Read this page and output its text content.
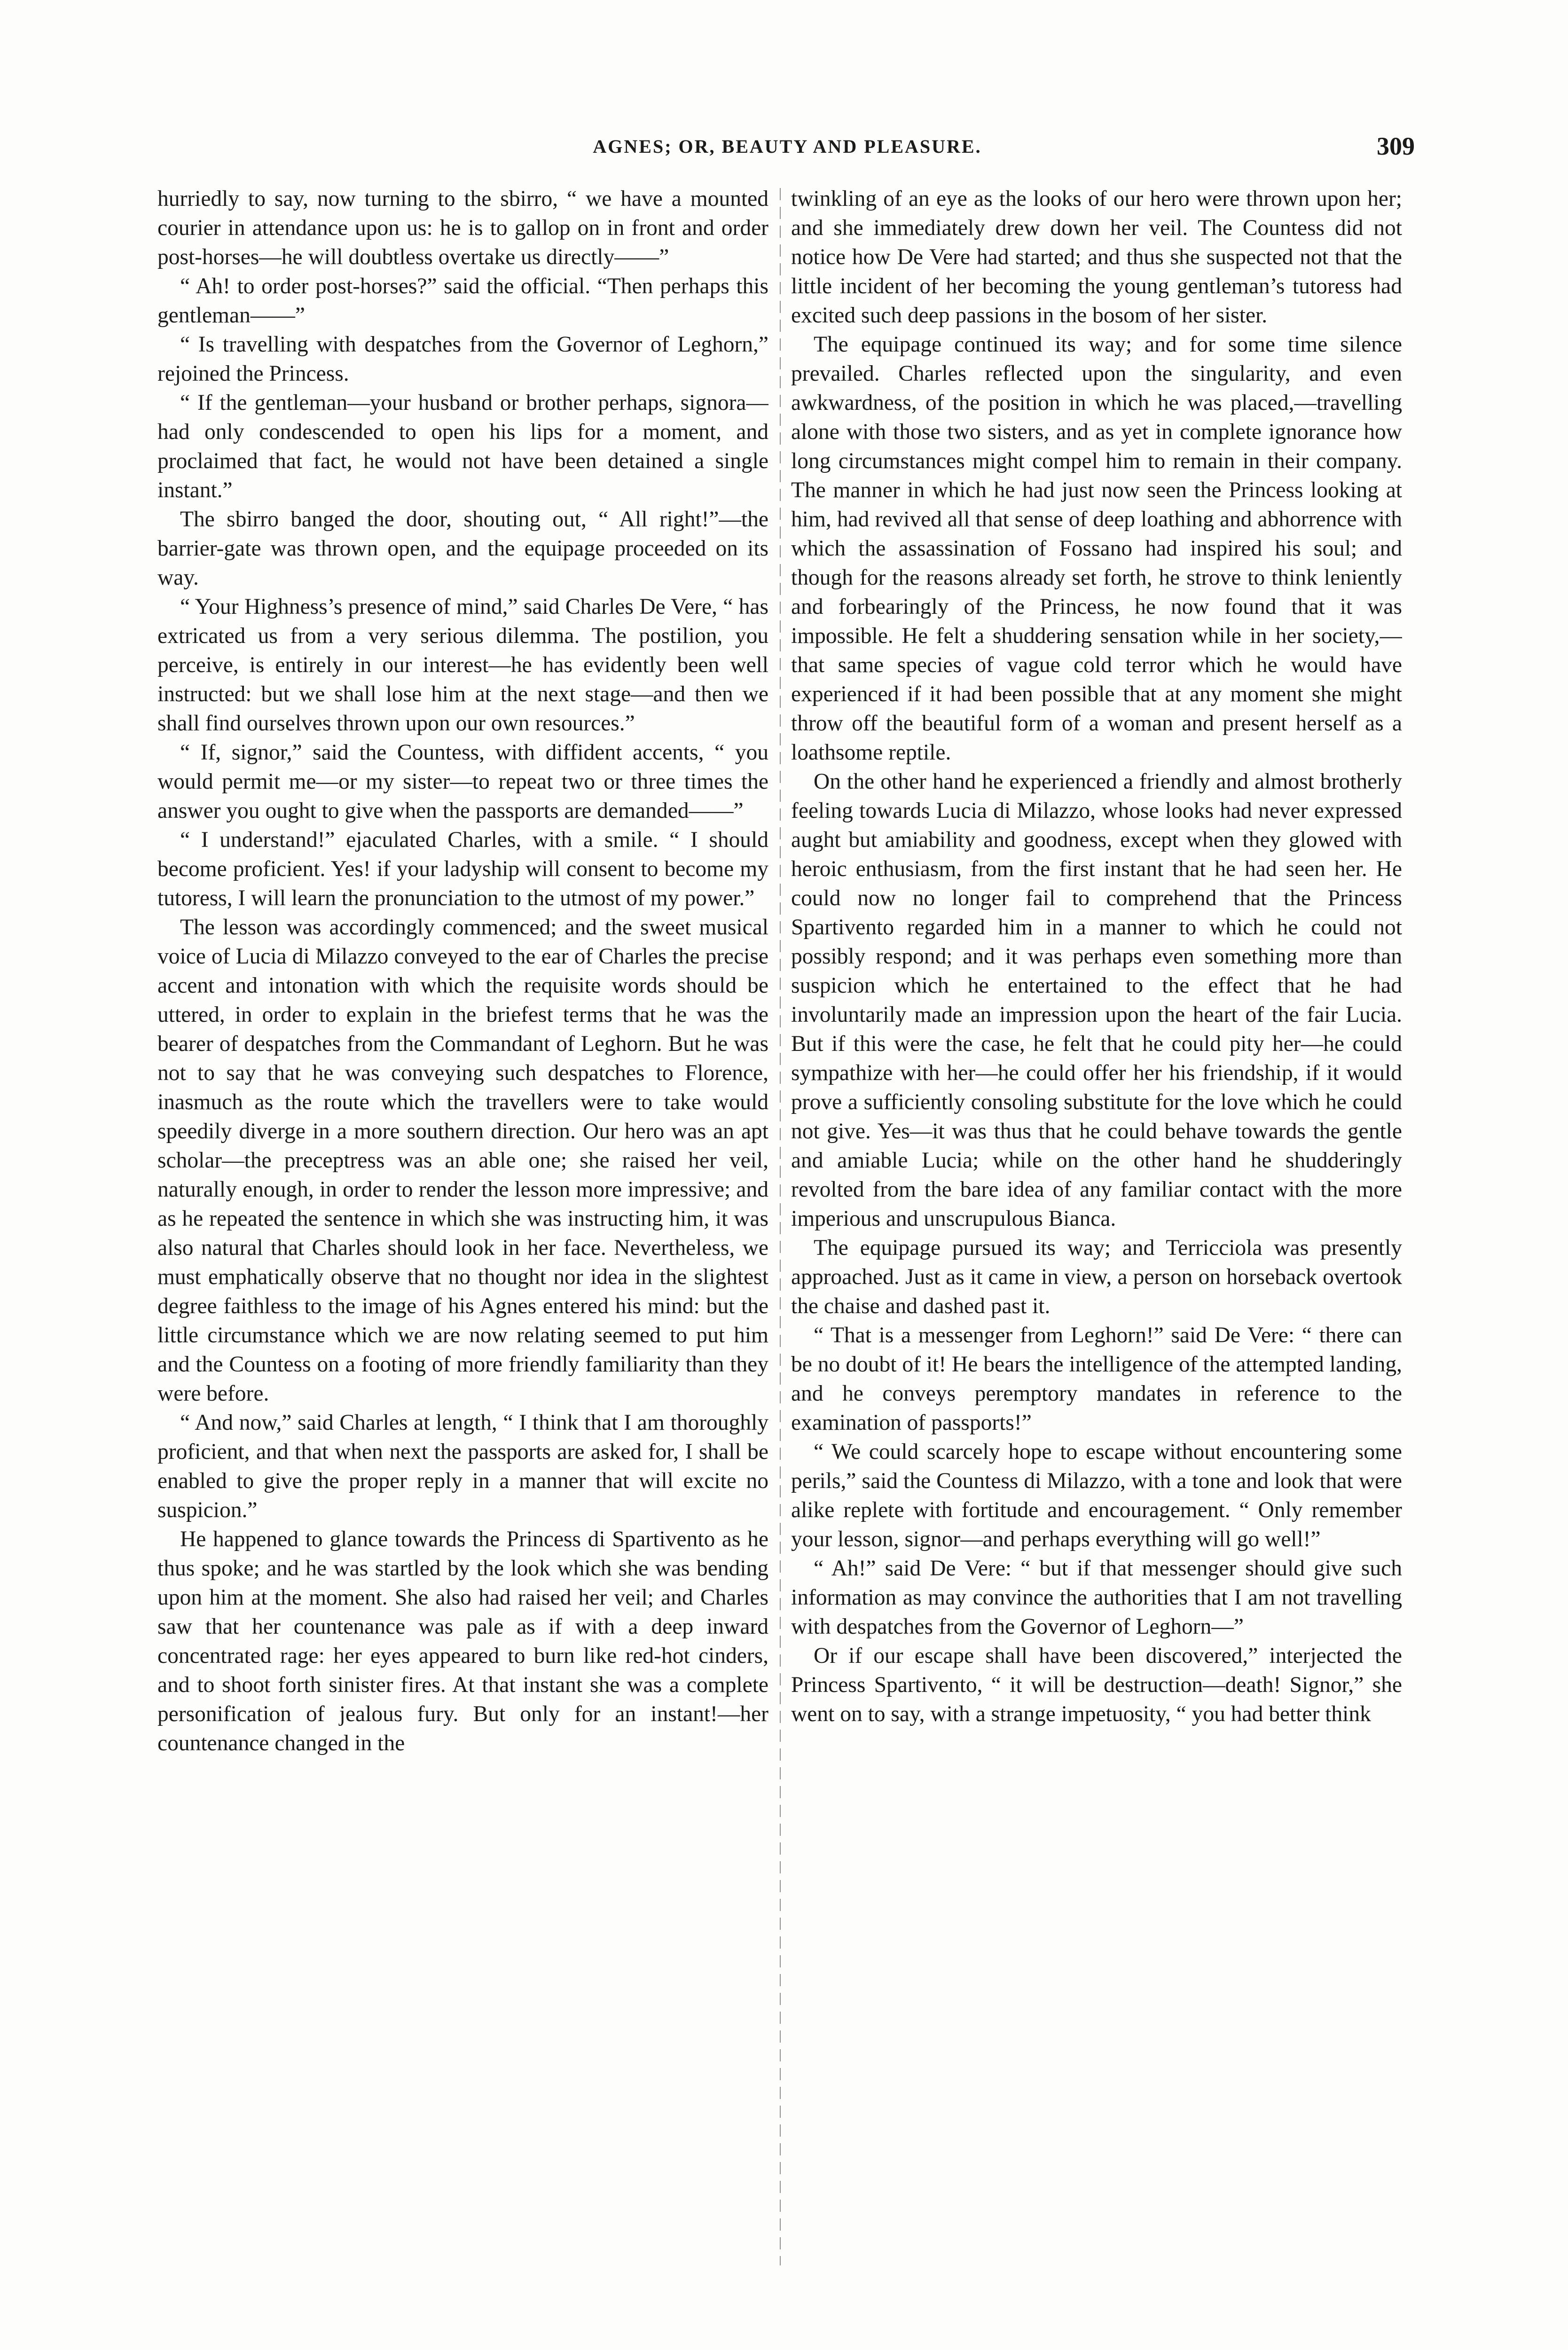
AGNES; OR, BEAUTY AND PLEASURE.	309

hurriedly to say, now turning to the sbirro, “ we have a mounted courier in attendance upon us: he is to gallop on in front and order post-horses—he will doubtless overtake us directly——”

“ Ah! to order post-horses?” said the official. “Then perhaps this gentleman——”

“ Is travelling with despatches from the Governor of Leghorn,” rejoined the Princess.

“ If the gentleman—your husband or brother perhaps, signora—had only condescended to open his lips for a moment, and proclaimed that fact, he would not have been detained a single instant.”

The sbirro banged the door, shouting out, “ All right!”—the barrier-gate was thrown open, and the equipage proceeded on its way.

“ Your Highness’s presence of mind,” said Charles De Vere, “ has extricated us from a very serious dilemma. The postilion, you perceive, is entirely in our interest—he has evidently been well instructed: but we shall lose him at the next stage—and then we shall find ourselves thrown upon our own resources.”

“ If, signor,” said the Countess, with diffident accents, “ you would permit me—or my sister—to repeat two or three times the answer you ought to give when the passports are demanded——”

“ I understand!” ejaculated Charles, with a smile. “ I should become proficient. Yes! if your ladyship will consent to become my tutoress, I will learn the pronunciation to the utmost of my power.”

The lesson was accordingly commenced; and the sweet musical voice of Lucia di Milazzo conveyed to the ear of Charles the precise accent and intonation with which the requisite words should be uttered, in order to explain in the briefest terms that he was the bearer of despatches from the Commandant of Leghorn. But he was not to say that he was conveying such despatches to Florence, inasmuch as the route which the travellers were to take would speedily diverge in a more southern direction. Our hero was an apt scholar—the preceptress was an able one; she raised her veil, naturally enough, in order to render the lesson more impressive; and as he repeated the sentence in which she was instructing him, it was also natural that Charles should look in her face. Nevertheless, we must emphatically observe that no thought nor idea in the slightest degree faithless to the image of his Agnes entered his mind: but the little circumstance which we are now relating seemed to put him and the Countess on a footing of more friendly familiarity than they were before.

“ And now,” said Charles at length, “ I think that I am thoroughly proficient, and that when next the passports are asked for, I shall be enabled to give the proper reply in a manner that will excite no suspicion.”

He happened to glance towards the Princess di Spartivento as he thus spoke; and he was startled by the look which she was bending upon him at the moment. She also had raised her veil; and Charles saw that her countenance was pale as if with a deep inward concentrated rage: her eyes appeared to burn like red-hot cinders, and to shoot forth sinister fires. At that instant she was a complete personification of jealous fury. But only for an instant!—her countenance changed in the

twinkling of an eye as the looks of our hero were thrown upon her; and she immediately drew down her veil. The Countess did not notice how De Vere had started; and thus she suspected not that the little incident of her becoming the young gentleman’s tutoress had excited such deep passions in the bosom of her sister.

The equipage continued its way; and for some time silence prevailed. Charles reflected upon the singularity, and even awkwardness, of the position in which he was placed,—travelling alone with those two sisters, and as yet in complete ignorance how long circumstances might compel him to remain in their company. The manner in which he had just now seen the Princess looking at him, had revived all that sense of deep loathing and abhorrence with which the assassination of Fossano had inspired his soul; and though for the reasons already set forth, he strove to think leniently and forbearingly of the Princess, he now found that it was impossible. He felt a shuddering sensation while in her society,—that same species of vague cold terror which he would have experienced if it had been possible that at any moment she might throw off the beautiful form of a woman and present herself as a loathsome reptile.

On the other hand he experienced a friendly and almost brotherly feeling towards Lucia di Milazzo, whose looks had never expressed aught but amiability and goodness, except when they glowed with heroic enthusiasm, from the first instant that he had seen her. He could now no longer fail to comprehend that the Princess Spartivento regarded him in a manner to which he could not possibly respond; and it was perhaps even something more than suspicion which he entertained to the effect that he had involuntarily made an impression upon the heart of the fair Lucia. But if this were the case, he felt that he could pity her—he could sympathize with her—he could offer her his friendship, if it would prove a sufficiently consoling substitute for the love which he could not give. Yes—it was thus that he could behave towards the gentle and amiable Lucia; while on the other hand he shudderingly revolted from the bare idea of any familiar contact with the more imperious and unscrupulous Bianca.

The equipage pursued its way; and Terricciola was presently approached. Just as it came in view, a person on horseback overtook the chaise and dashed past it.

“ That is a messenger from Leghorn!” said De Vere: “ there can be no doubt of it! He bears the intelligence of the attempted landing, and he conveys peremptory mandates in reference to the examination of passports!”

“ We could scarcely hope to escape without encountering some perils,” said the Countess di Milazzo, with a tone and look that were alike replete with fortitude and encouragement. “ Only remember your lesson, signor—and perhaps everything will go well!”

“ Ah!” said De Vere: “ but if that messenger should give such information as may convince the authorities that I am not travelling with despatches from the Governor of Leghorn—”

Or if our escape shall have been discovered,” interjected the Princess Spartivento, “ it will be destruction—death! Signor,” she went on to say, with a strange impetuosity, “ you had better think
